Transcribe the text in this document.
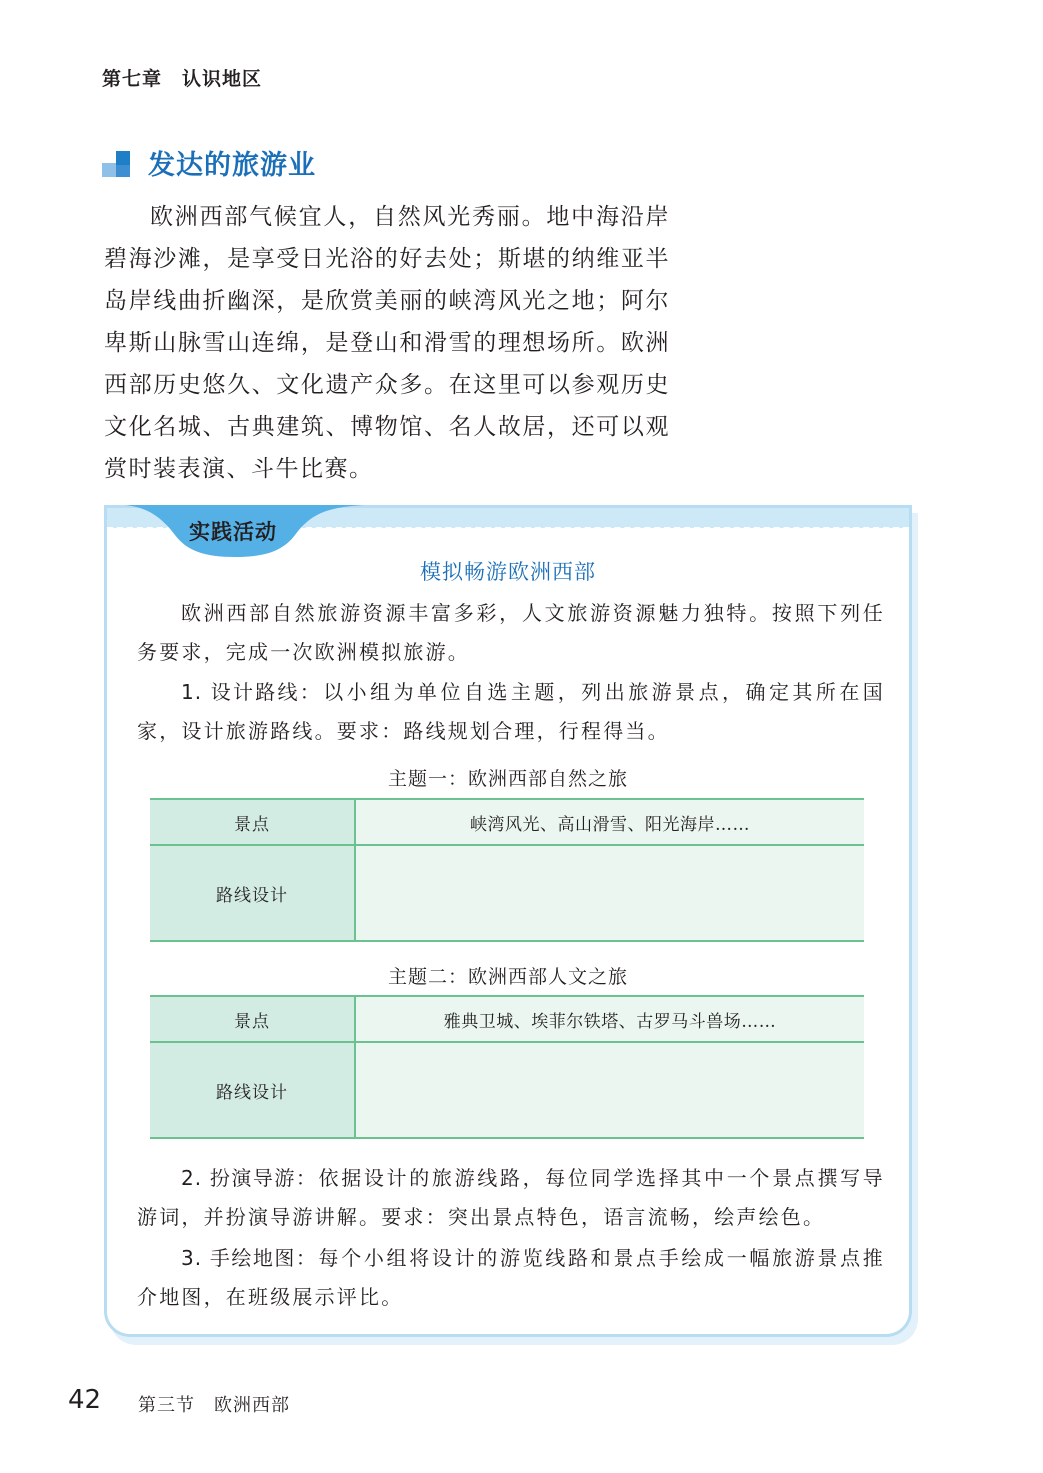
第七章　认识地区
发达的旅游业
欧洲西部气候宜人，自然风光秀丽。地中海沿岸碧海沙滩，是享受日光浴的好去处；斯堪的纳维亚半岛岸线曲折幽深，是欣赏美丽的峡湾风光之地；阿尔卑斯山脉雪山连绵，是登山和滑雪的理想场所。欧洲西部历史悠久、文化遗产众多。在这里可以参观历史文化名城、古典建筑、博物馆、名人故居，还可以观赏时装表演、斗牛比赛。
实践活动
模拟畅游欧洲西部
欧洲西部自然旅游资源丰富多彩，人文旅游资源魅力独特。按照下列任务要求，完成一次欧洲模拟旅游。
1. 设计路线：以小组为单位自选主题，列出旅游景点，确定其所在国家，设计旅游路线。要求：路线规划合理，行程得当。
主题一：欧洲西部自然之旅
景点	峡湾风光、高山滑雪、阳光海岸……
路线设计	
主题二：欧洲西部人文之旅
景点	雅典卫城、埃菲尔铁塔、古罗马斗兽场……
路线设计	
2. 扮演导游：依据设计的旅游线路，每位同学选择其中一个景点撰写导游词，并扮演导游讲解。要求：突出景点特色，语言流畅，绘声绘色。
3. 手绘地图：每个小组将设计的游览线路和景点手绘成一幅旅游景点推介地图，在班级展示评比。
42 第三节　欧洲西部
